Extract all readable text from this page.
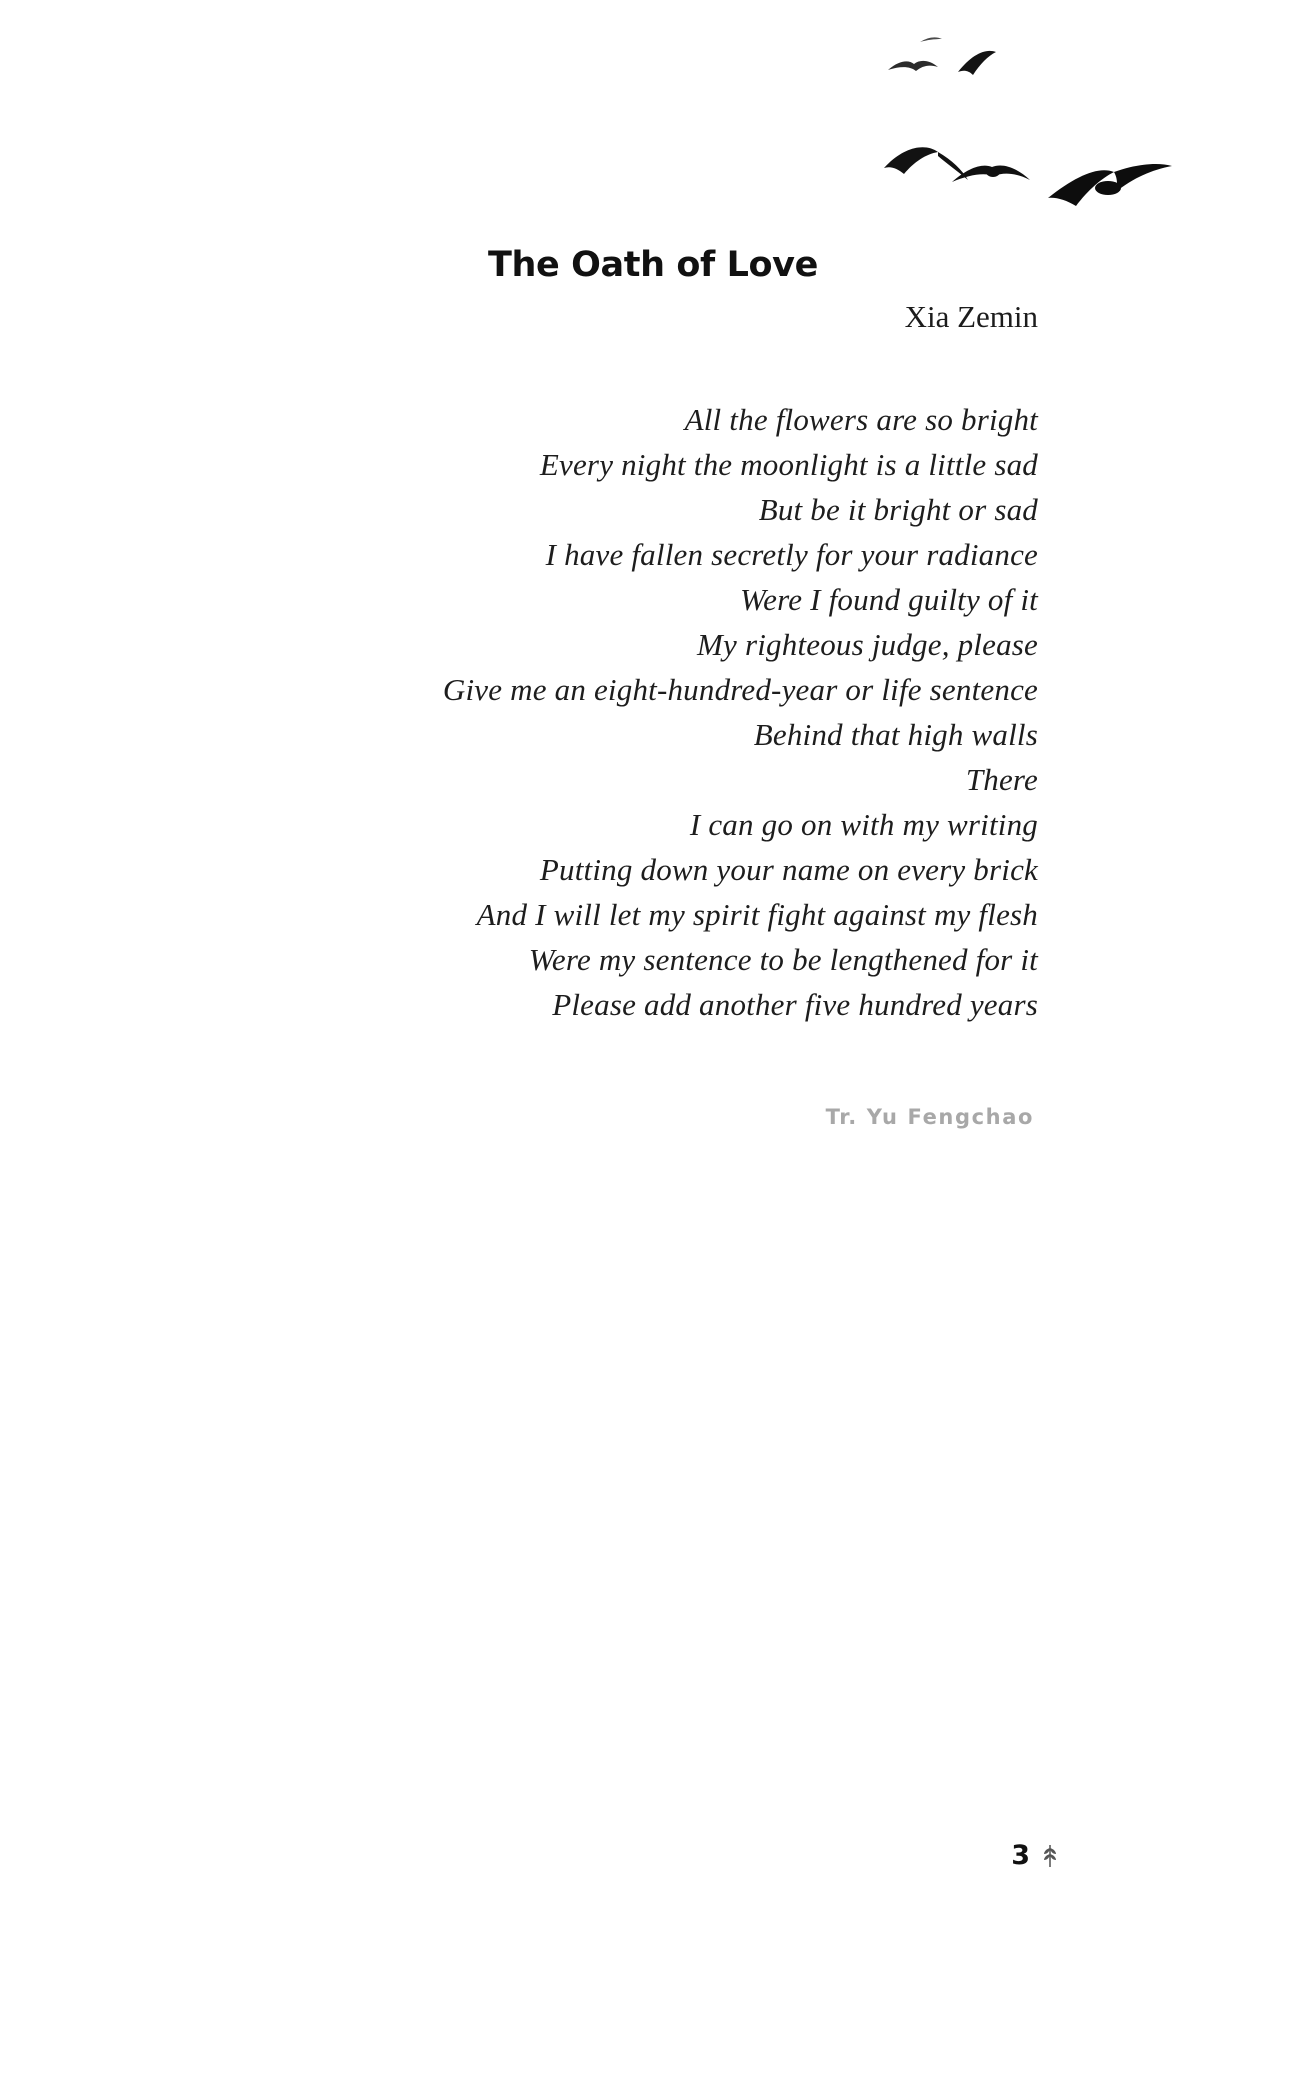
The Oath of Love
Xia Zemin
All the flowers are so bright
Every night the moonlight is a little sad
But be it bright or sad
I have fallen secretly for your radiance
Were I found guilty of it
My righteous judge, please
Give me an eight-hundred-year or life sentence
Behind that high walls
There
I can go on with my writing
Putting down your name on every brick
And I will let my spirit fight against my flesh
Were my sentence to be lengthened for it
Please add another five hundred years
Tr. Yu Fengchao
3
